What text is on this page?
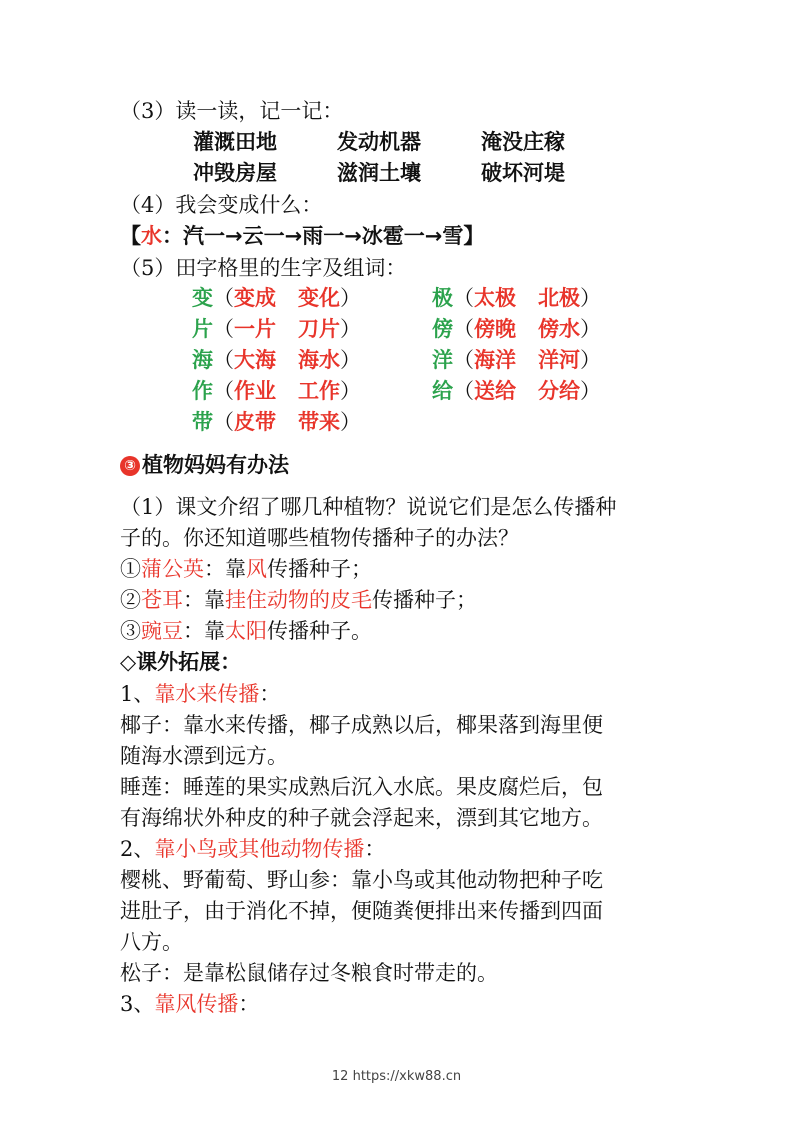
（3）读一读，记一记：
灌溉田地	发动机器	淹没庄稼
冲毁房屋	滋润土壤	破坏河堤
（4）我会变成什么：
【水：汽一→云一→雨一→冰雹一→雪】
（5）田字格里的生字及组词：
变（变成 变化）	极（太极 北极）
片（一片 刀片）	傍（傍晚 傍水）
海（大海 海水）	洋（海洋 洋河）
作（作业 工作）	给（送给 分给）
带（皮带 带来）
③ 植物妈妈有办法
（1）课文介绍了哪几种植物？说说它们是怎么传播种
子的。你还知道哪些植物传播种子的办法？
①蒲公英：靠风传播种子；
②苍耳：靠挂住动物的皮毛传播种子；
③豌豆：靠太阳传播种子。
◇课外拓展：
1、靠水来传播：
椰子：靠水来传播，椰子成熟以后，椰果落到海里便
随海水漂到远方。
睡莲：睡莲的果实成熟后沉入水底。果皮腐烂后，包
有海绵状外种皮的种子就会浮起来，漂到其它地方。
2、靠小鸟或其他动物传播：
樱桃、野葡萄、野山参：靠小鸟或其他动物把种子吃
进肚子，由于消化不掉，便随粪便排出来传播到四面
八方。
松子：是靠松鼠储存过冬粮食时带走的。
3、靠风传播：
12 https://xkw88.cn
